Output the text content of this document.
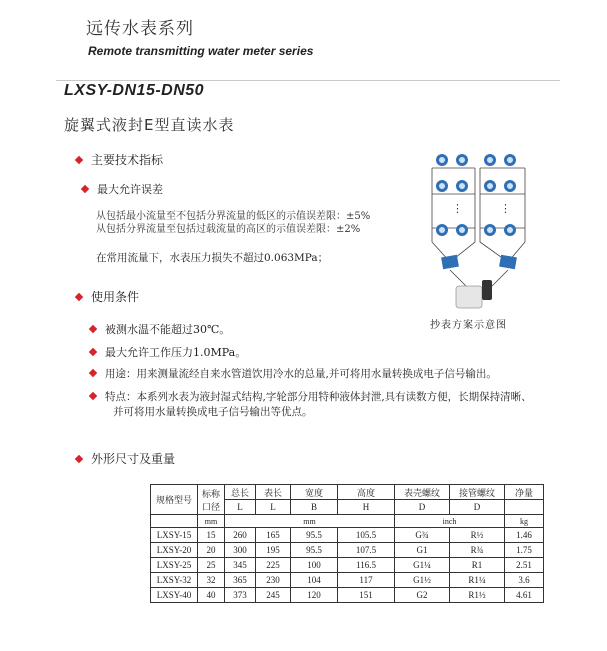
远传水表系列
Remote transmitting water meter series
LXSY-DN15-DN50
旋翼式液封E型直读水表
主要技术指标
最大允许误差
从包括最小流量至不包括分界流量的低区的示值误差限：±5%
从包括分界流量至包括过载流量的高区的示值误差限：±2%
在常用流量下，水表压力损失不超过0.063MPa；
使用条件
被测水温不能超过30℃。
最大允许工作压力1.0MPa。
用途：用来测量流经自来水管道饮用冷水的总量,并可将用水量转换成电子信号输出。
特点：本系列水表为液封湿式结构,字轮部分用特种液体封泄,具有读数方便，长期保持清晰、
并可将用水量转换成电子信号输出等优点。
外形尺寸及重量
⋮	⋮
抄表方案示意图
规格型号	标称口径	总长	表长	宽度	高度	表壳螺纹	接管螺纹	净量
		L	L	B	H	D	D	
	mm	mm				inch		kg
LXSY-15	15	260	165	95.5	105.5	G¾	R½	1.46
LXSY-20	20	300	195	95.5	107.5	G1	R¾	1.75
LXSY-25	25	345	225	100	116.5	G1¼	R1	2.51
LXSY-32	32	365	230	104	117	G1½	R1¼	3.6
LXSY-40	40	373	245	120	151	G2	R1½	4.61
